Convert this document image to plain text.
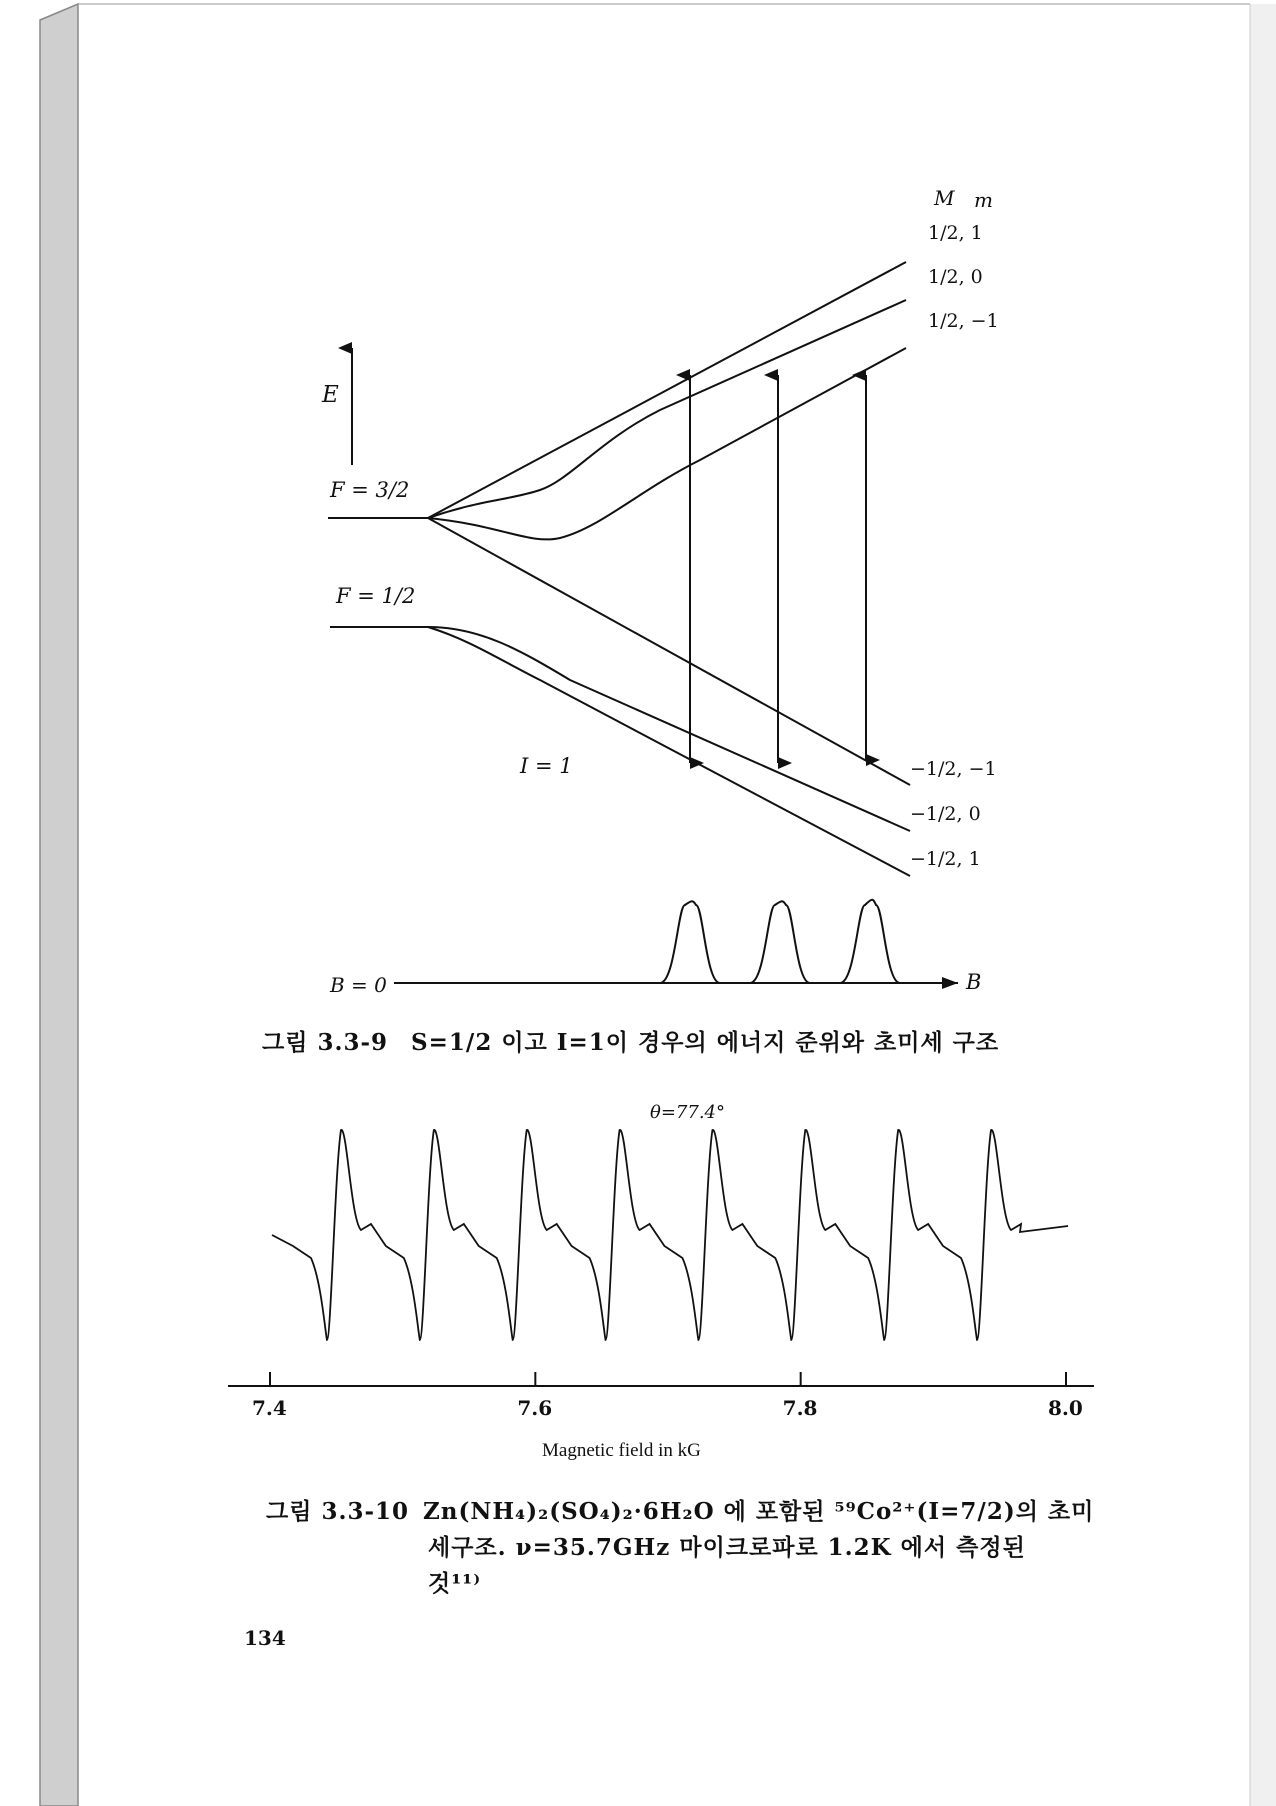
M m
1/2, 1
1/2, 0
1/2, −1
−1/2, −1
−1/2, 0
−1/2, 1
E
F = 3/2
F = 1/2
I = 1
B = 0	B
그림 3.3-9 S=1/2 이고 I=1이 경우의 에너지 준위와 초미세 구조
θ=77.4°
7.4	7.6	7.8	8.0
Magnetic field in kG
그림 3.3-10 Zn(NH₄)₂(SO₄)₂·6H₂O 에 포함된 ⁵⁹Co²⁺(I=7/2)의 초미
세구조. ν=35.7GHz 마이크로파로 1.2K 에서 측정된
것¹¹⁾
134
